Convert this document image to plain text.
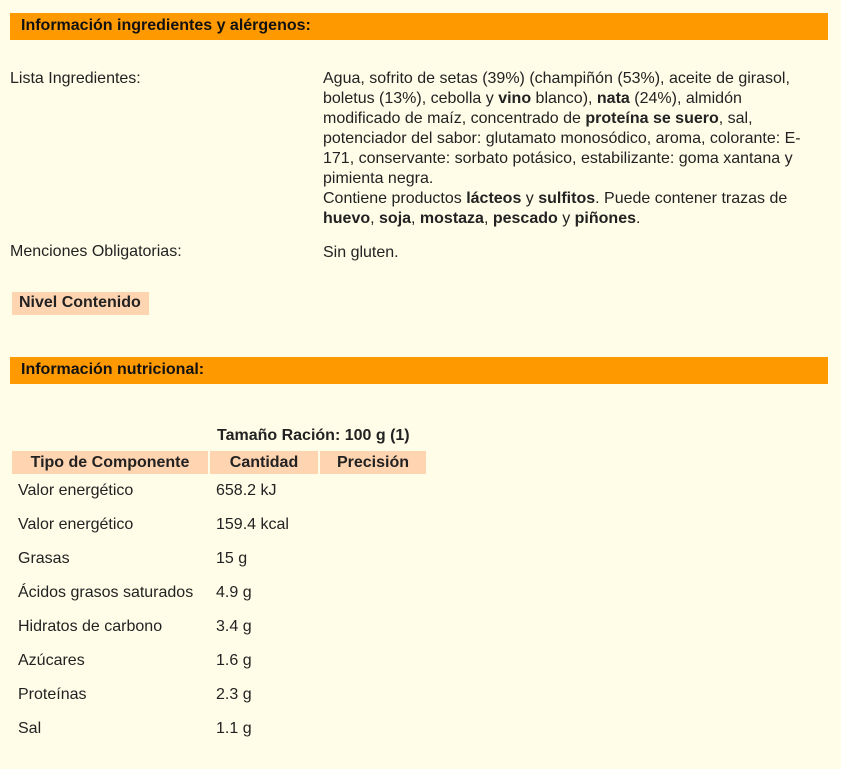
Información ingredientes y alérgenos:
Lista Ingredientes:	Agua, sofrito de setas (39%) (champiñón (53%), aceite de girasol, boletus (13%), cebolla y vino blanco), nata (24%), almidón modificado de maíz, concentrado de proteína se suero, sal, potenciador del sabor: glutamato monosódico, aroma, colorante: E-171, conservante: sorbato potásico, estabilizante: goma xantana y pimienta negra.
Contiene productos lácteos y sulfitos. Puede contener trazas de huevo, soja, mostaza, pescado y piñones.
Menciones Obligatorias:	Sin gluten.
Nivel Contenido
Información nutricional:
Tamaño Ración: 100 g (1)
Tipo de Componente	Cantidad	Precisión
Valor energético	658.2 kJ	
Valor energético	159.4 kcal	
Grasas	15 g	
Ácidos grasos saturados	4.9 g	
Hidratos de carbono	3.4 g	
Azúcares	1.6 g	
Proteínas	2.3 g	
Sal	1.1 g	
